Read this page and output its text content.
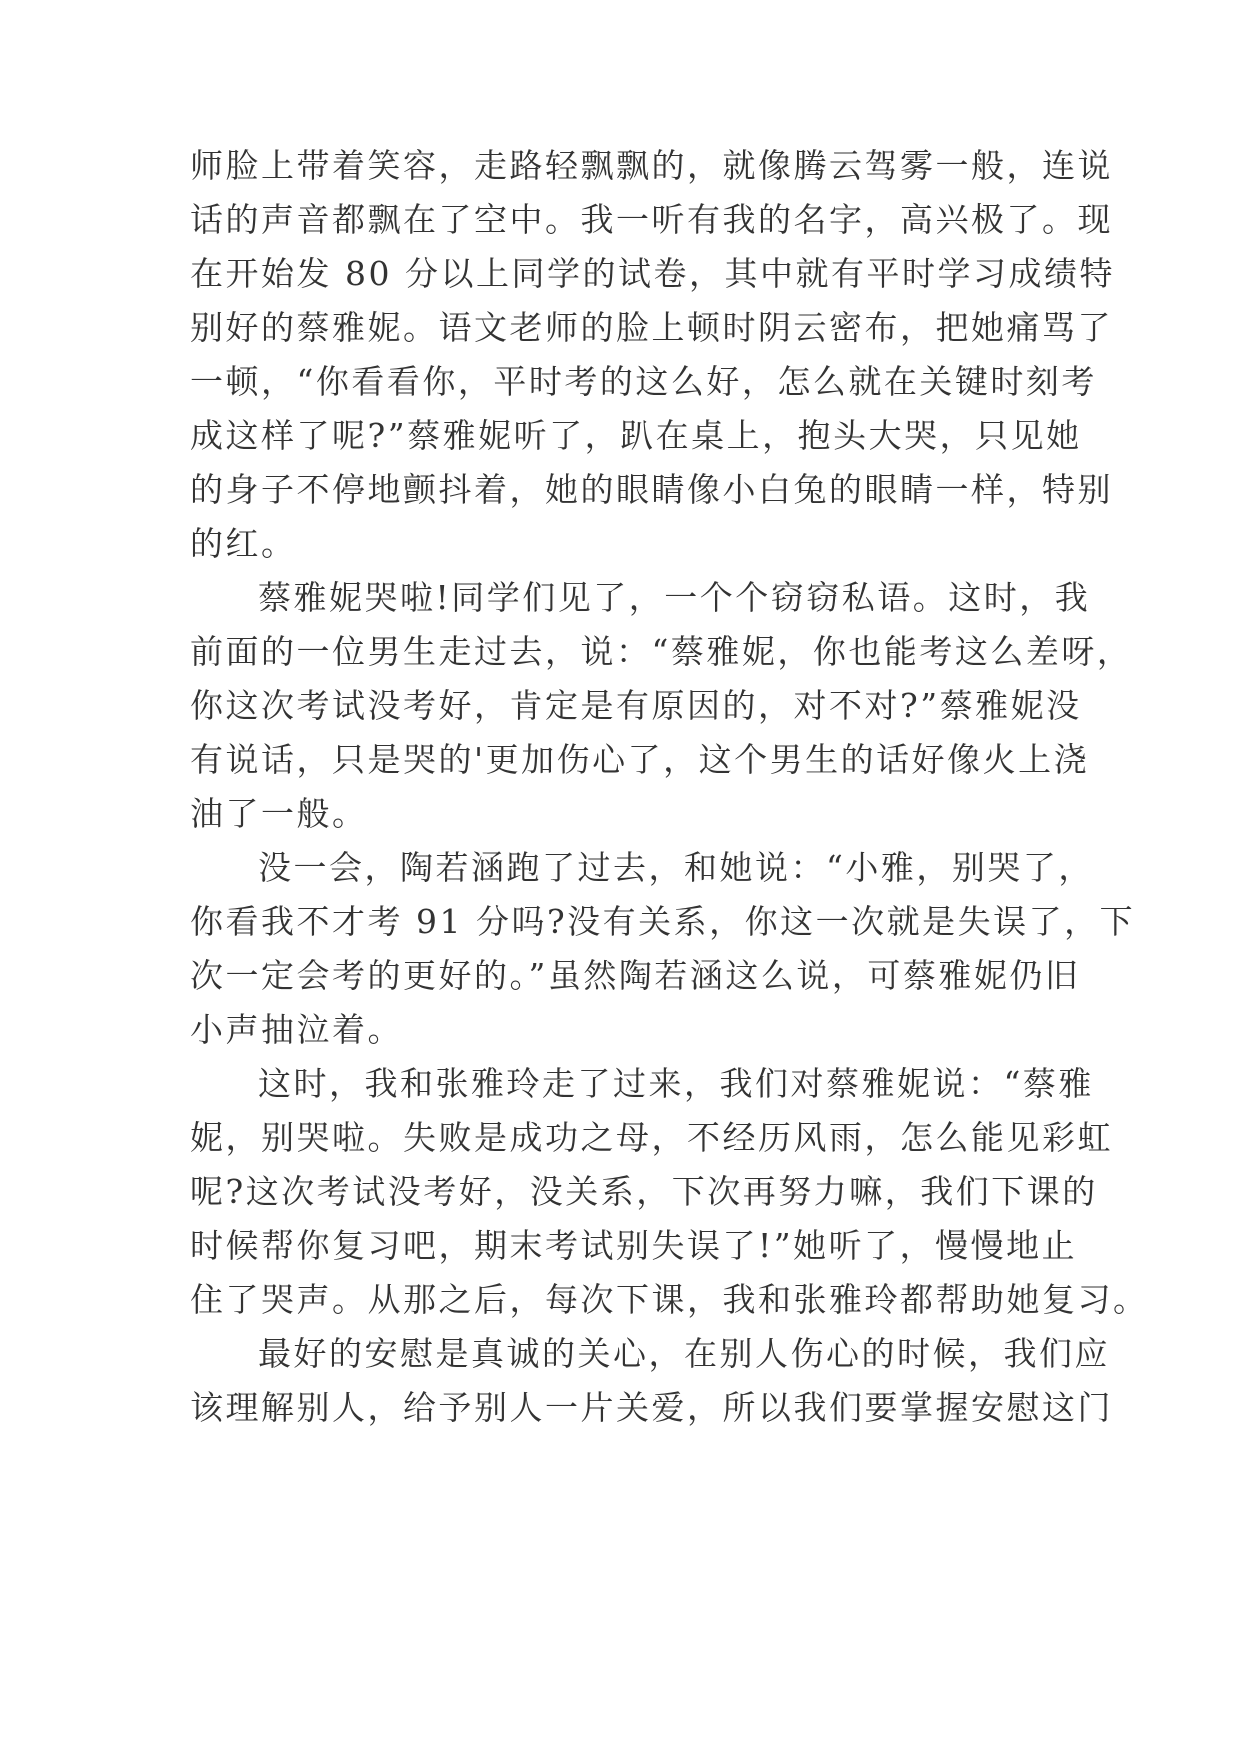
师脸上带着笑容，走路轻飘飘的，就像腾云驾雾一般，连说
话的声音都飘在了空中。我一听有我的名字，高兴极了。现
在开始发 80 分以上同学的试卷，其中就有平时学习成绩特
别好的蔡雅妮。语文老师的脸上顿时阴云密布，把她痛骂了
一顿，“你看看你，平时考的这么好，怎么就在关键时刻考
成这样了呢?”蔡雅妮听了，趴在桌上，抱头大哭，只见她
的身子不停地颤抖着，她的眼睛像小白兔的眼睛一样，特别
的红。
蔡雅妮哭啦!同学们见了，一个个窃窃私语。这时，我
前面的一位男生走过去，说：“蔡雅妮，你也能考这么差呀，
你这次考试没考好，肯定是有原因的，对不对?”蔡雅妮没
有说话，只是哭的'更加伤心了，这个男生的话好像火上浇
油了一般。
没一会，陶若涵跑了过去，和她说：“小雅，别哭了，
你看我不才考 91 分吗?没有关系，你这一次就是失误了，下
次一定会考的更好的。”虽然陶若涵这么说，可蔡雅妮仍旧
小声抽泣着。
这时，我和张雅玲走了过来，我们对蔡雅妮说：“蔡雅
妮，别哭啦。失败是成功之母，不经历风雨，怎么能见彩虹
呢?这次考试没考好，没关系，下次再努力嘛，我们下课的
时候帮你复习吧，期末考试别失误了!”她听了，慢慢地止
住了哭声。从那之后，每次下课，我和张雅玲都帮助她复习。
最好的安慰是真诚的关心，在别人伤心的时候，我们应
该理解别人，给予别人一片关爱，所以我们要掌握安慰这门
